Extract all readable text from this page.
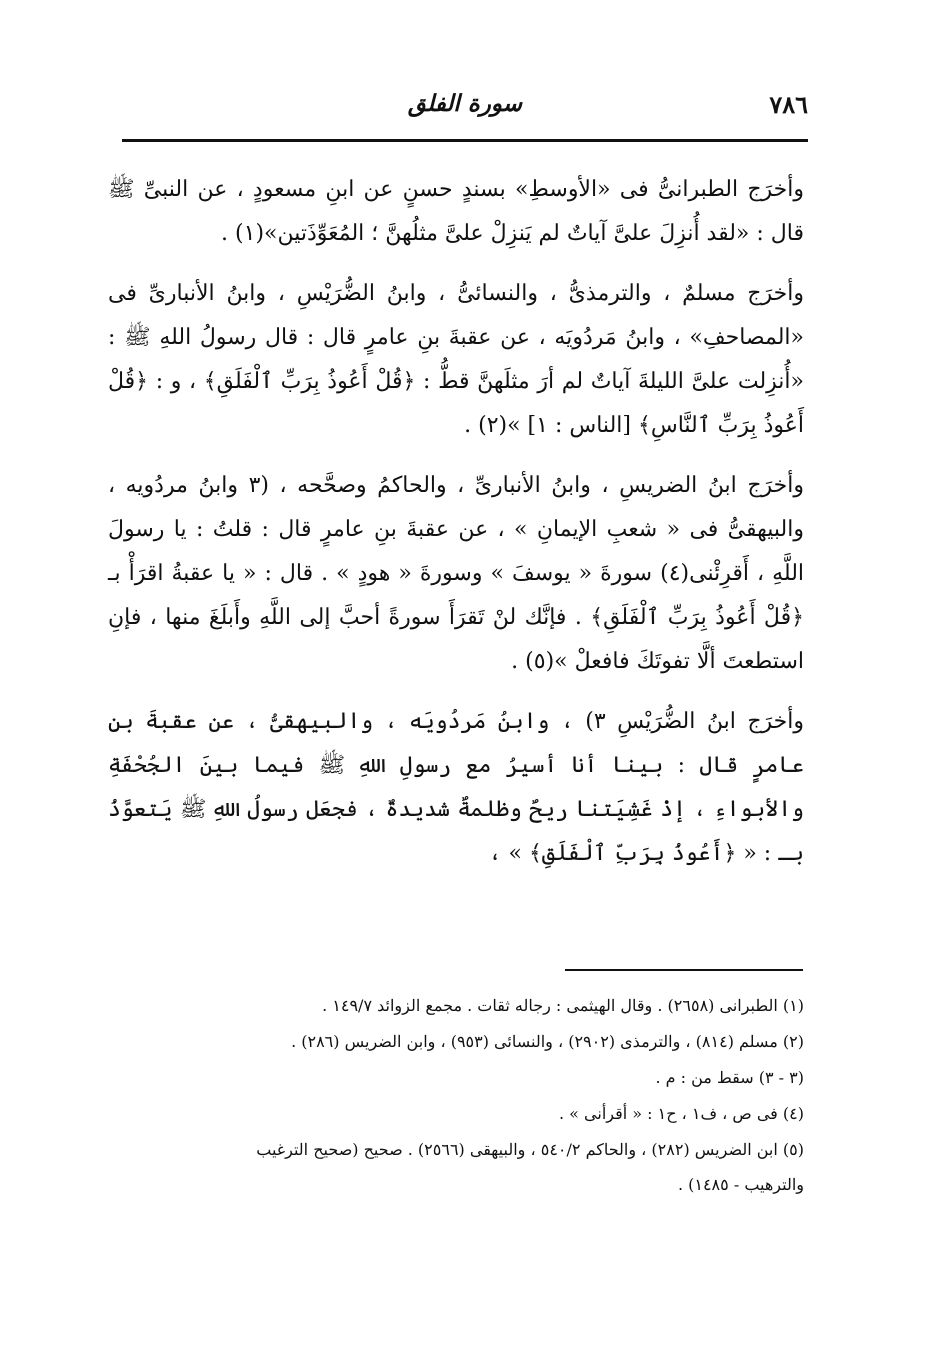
٧٨٦
سورة الفلق

وأخرَج الطبرانىُّ فى «الأوسطِ» بسندٍ حسنٍ عن ابنِ مسعودٍ ، عن النبىِّ ﷺ قال : «لقد أُنزِلَ علىَّ آياتٌ لم يَنزِلْ علىَّ مثلُهنَّ ؛ المُعَوِّذَتين»(١) .

وأخرَج مسلمٌ ، والترمذىُّ ، والنسائىُّ ، وابنُ الضُّرَيْسِ ، وابنُ الأنبارىِّ فى «المصاحفِ» ، وابنُ مَردُويَه ، عن عقبةَ بنِ عامرٍ قال : قال رسولُ اللهِ ﷺ : «أُنزِلت علىَّ الليلةَ آياتٌ لم أرَ مثلَهنَّ قطُّ : ﴿قُلْ أَعُوذُ بِرَبِّ ٱلْفَلَقِ﴾ ، و : ﴿قُلْ أَعُوذُ بِرَبِّ ٱلنَّاسِ﴾ [الناس : ١] »(٢) .

وأخرَج ابنُ الضريسِ ، وابنُ الأنبارىِّ ، والحاكمُ وصحَّحه ، (٣ وابنُ مردُويه ، والبيهقىُّ فى « شعبِ الإيمانِ » ، عن عقبةَ بنِ عامرٍ قال : قلتُ : يا رسولَ اللَّهِ ، أَقرِئْنى(٤) سورةَ « يوسفَ » وسورةَ « هودٍ » . قال : « يا عقبةُ اقرَأْ بـ ﴿قُلْ أَعُوذُ بِرَبِّ ٱلْفَلَقِ﴾ . فإنَّك لنْ تَقرَأَ سورةً أحبَّ إلى اللَّهِ وأَبلَغَ منها ، فإنِ استطعتَ ألَّا تفوتَكَ فافعلْ »(٥) .

وأخرَج ابنُ الضُّرَيْسِ ٣) ، وابنُ مَردُويَه ، والبيهقىُّ ، عن عقبةَ بنِ عامرٍ قال : بينا أنا أسيرُ مع رسولِ اللهِ ﷺ فيما بينَ الجُحْفَةِ والأبواءِ ، إذْ غَشِيَتنا ريحٌ وظلمةٌ شديدةٌ ، فجعَل رسولُ اللهِ ﷺ يَتعوَّذُ بـ : « ﴿أَعُوذُ بِرَبِّ ٱلْفَلَقِ﴾ » ،

(١) الطبرانى (٢٦٥٨) . وقال الهيثمى : رجاله ثقات . مجمع الزوائد ١٤٩/٧ .

(٢) مسلم (٨١٤) ، والترمذى (٢٩٠٢) ، والنسائى (٩٥٣) ، وابن الضريس (٢٨٦) .

(٣ - ٣) سقط من : م .

(٤) فى ص ، ف١ ، ح١ : « أقرأنى » .

(٥) ابن الضريس (٢٨٢) ، والحاكم ٥٤٠/٢ ، والبيهقى (٢٥٦٦) . صحيح (صحيح الترغيب

والترهيب - ١٤٨٥) .
